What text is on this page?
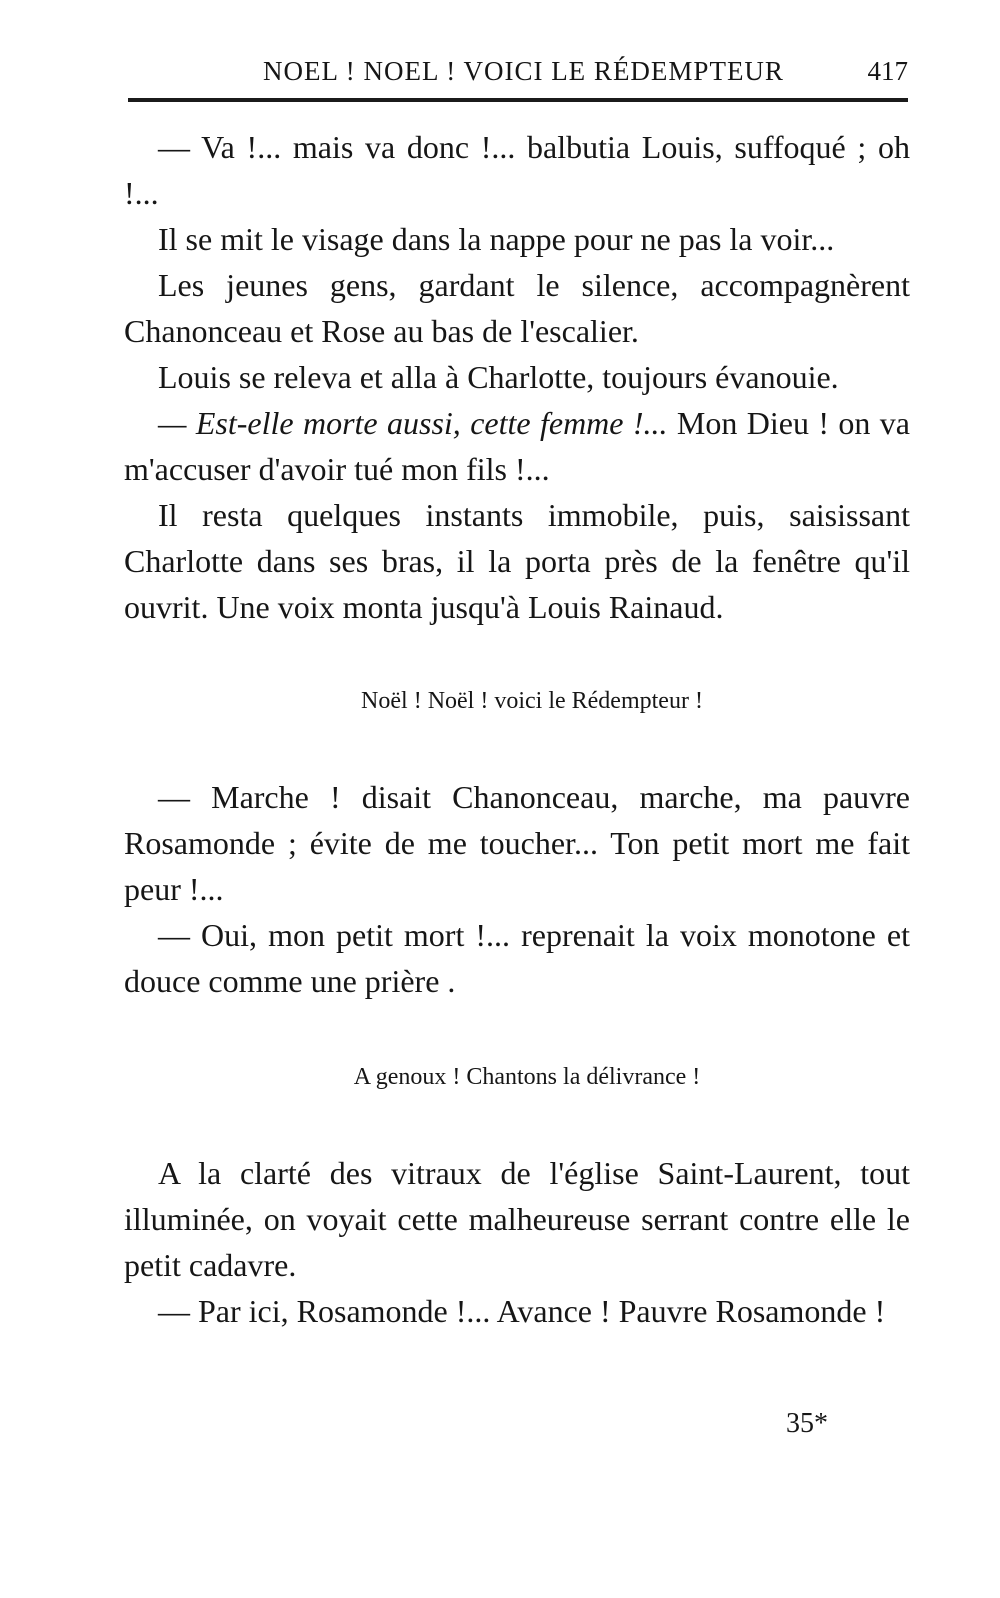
NOEL ! NOEL ! VOICI LE RÉDEMPTEUR	417

— Va !... mais va donc !... balbutia Louis, suffoqué ; oh !...

Il se mit le visage dans la nappe pour ne pas la voir...

Les jeunes gens, gardant le silence, accompagnèrent Chanonceau et Rose au bas de l'escalier.

Louis se releva et alla à Charlotte, toujours évanouie.

— Est-elle morte aussi, cette femme !... Mon Dieu ! on va m'accuser d'avoir tué mon fils !...

Il resta quelques instants immobile, puis, saisissant Charlotte dans ses bras, il la porta près de la fenêtre qu'il ouvrit. Une voix monta jusqu'à Louis Rainaud.

Noël ! Noël ! voici le Rédempteur !

— Marche ! disait Chanonceau, marche, ma pauvre Rosamonde ; évite de me toucher... Ton petit mort me fait peur !...

— Oui, mon petit mort !... reprenait la voix monotone et douce comme une prière .

A genoux ! Chantons la délivrance !

A la clarté des vitraux de l'église Saint-Laurent, tout illuminée, on voyait cette malheureuse serrant contre elle le petit cadavre.

— Par ici, Rosamonde !... Avance ! Pauvre Rosamonde !

35*
